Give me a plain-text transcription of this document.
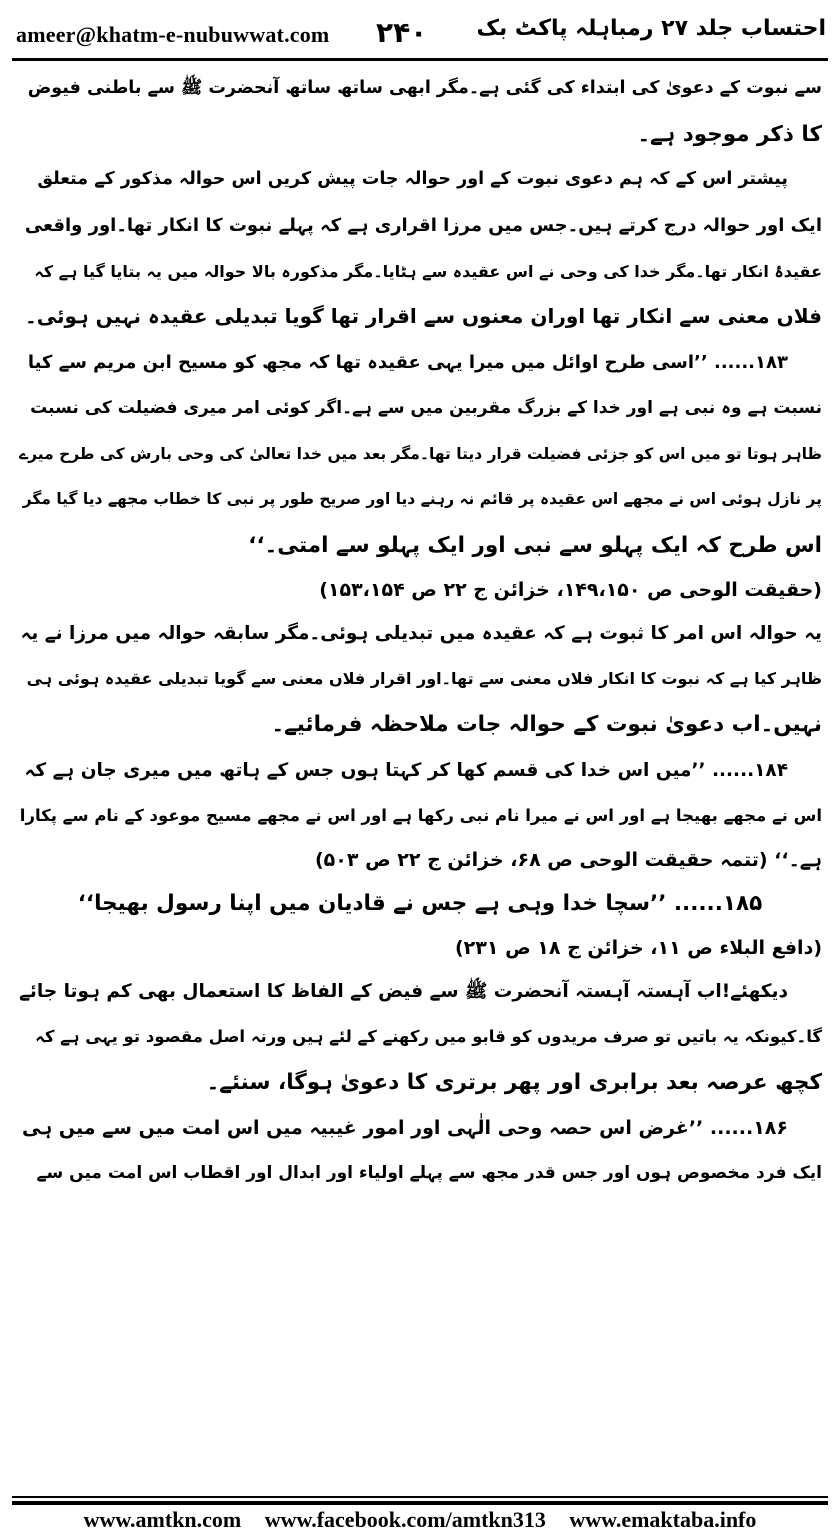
ameer@khatm-e-nubuwwat.com ۲۴۰ احتساب جلد ۲۷ رمباہلہ پاکٹ بک
سے نبوت کے دعویٰ کی ابتداء کی گئی ہے۔مگر ابھی ساتھ ساتھ آنحضرت ﷺ سے باطنی فیوض
کا ذکر موجود ہے۔
پیشتر اس کے کہ ہم دعوی نبوت کے اور حوالہ جات پیش کریں اس حوالہ مذکور کے متعلق
ایک اور حوالہ درج کرتے ہیں۔جس میں مرزا اقراری ہے کہ پہلے نبوت کا انکار تھا۔اور واقعی
عقیدۂ انکار تھا۔مگر خدا کی وحی نے اس عقیدہ سے ہٹایا۔مگر مذکورہ بالا حوالہ میں یہ بتایا گیا ہے کہ
فلاں معنی سے انکار تھا اوران معنوں سے اقرار تھا گویا تبدیلی عقیدہ نہیں ہوئی۔
۱۸۳...... ’’اسی طرح اوائل میں میرا یہی عقیدہ تھا کہ مجھ کو مسیح ابن مریم سے کیا
نسبت ہے وہ نبی ہے اور خدا کے بزرگ مقربین میں سے ہے۔اگر کوئی امر میری فضیلت کی نسبت
ظاہر ہوتا تو میں اس کو جزئی فضیلت قرار دیتا تھا۔مگر بعد میں خدا تعالیٰ کی وحی بارش کی طرح میرے
پر نازل ہوئی اس نے مجھے اس عقیدہ پر قائم نہ رہنے دیا اور صریح طور پر نبی کا خطاب مجھے دیا گیا مگر
اس طرح کہ ایک پہلو سے نبی اور ایک پہلو سے امتی۔‘‘
(حقیقت الوحی ص ۱۴۹،۱۵۰، خزائن ج ۲۲ ص ۱۵۳،۱۵۴)
یہ حوالہ اس امر کا ثبوت ہے کہ عقیدہ میں تبدیلی ہوئی۔مگر سابقہ حوالہ میں مرزا نے یہ
ظاہر کیا ہے کہ نبوت کا انکار فلاں معنی سے تھا۔اور اقرار فلاں معنی سے گویا تبدیلی عقیدہ ہوئی ہی
نہیں۔اب دعویٰ نبوت کے حوالہ جات ملاحظہ فرمائیے۔
۱۸۴...... ’’میں اس خدا کی قسم کھا کر کہتا ہوں جس کے ہاتھ میں میری جان ہے کہ
اس نے مجھے بھیجا ہے اور اس نے میرا نام نبی رکھا ہے اور اس نے مجھے مسیح موعود کے نام سے پکارا
ہے۔‘‘ (تتمہ حقیقت الوحی ص ۶۸، خزائن ج ۲۲ ص ۵۰۳)
۱۸۵...... ’’سچا خدا وہی ہے جس نے قادیان میں اپنا رسول بھیجا‘‘
(دافع البلاء ص ۱۱، خزائن ج ۱۸ ص ۲۳۱)
دیکھئے!اب آہستہ آہستہ آنحضرت ﷺ سے فیض کے الفاظ کا استعمال بھی کم ہوتا جائے
گا۔کیونکہ یہ باتیں تو صرف مریدوں کو قابو میں رکھنے کے لئے ہیں ورنہ اصل مقصود تو یہی ہے کہ
کچھ عرصہ بعد برابری اور پھر برتری کا دعویٰ ہوگا، سنئے۔
۱۸۶...... ’’غرض اس حصہ وحی الٰہی اور امور غیبیہ میں اس امت میں سے میں ہی
ایک فرد مخصوص ہوں اور جس قدر مجھ سے پہلے اولیاء اور ابدال اور اقطاب اس امت میں سے
www.amtkn.com www.facebook.com/amtkn313 www.emaktaba.info
